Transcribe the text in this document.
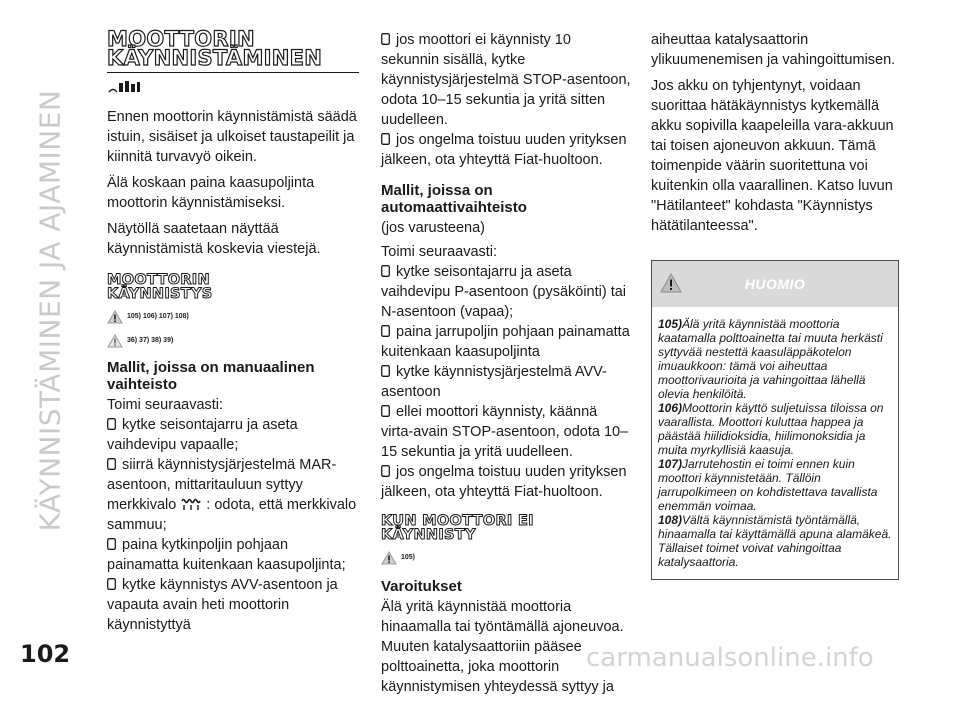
KÄYNNISTÄMINEN JA AJAMINEN
MOOTTORIN
KÄYNNISTÄMINEN

Ennen moottorin käynnistämistä säädä istuin, sisäiset ja ulkoiset taustapeilit ja kiinnitä turvavyö oikein.

Älä koskaan paina kaasupoljinta moottorin käynnistämiseksi.

Näytöllä saatetaan näyttää käynnistämistä koskevia viestejä.

MOOTTORIN
KÄYNNISTYS
105) 106) 107) 108)
36) 37) 38) 39)
Mallit, joissa on manuaalinen vaihteisto

Toimi seuraavasti:

kytke seisontajarru ja aseta vaihdevipu vapaalle;

siirrä käynnistysjärjestelmä MAR-asentoon, mittaritauluun syttyy merkkivalo : odota, että merkkivalo sammuu;

paina kytkinpoljin pohjaan painamatta kuitenkaan kaasupoljinta;

kytke käynnistys AVV-asentoon ja vapauta avain heti moottorin käynnistyttyä

jos moottori ei käynnisty 10 sekunnin sisällä, kytke käynnistysjärjestelmä STOP-asentoon, odota 10–15 sekuntia ja yritä sitten uudelleen.

jos ongelma toistuu uuden yrityksen jälkeen, ota yhteyttä Fiat-huoltoon.

Mallit, joissa on automaattivaihteisto

(jos varusteena)

Toimi seuraavasti:

kytke seisontajarru ja aseta vaihdevipu P-asentoon (pysäköinti) tai N-asentoon (vapaa);

paina jarrupoljin pohjaan painamatta kuitenkaan kaasupoljinta

kytke käynnistysjärjestelmä AVV-asentoon

ellei moottori käynnisty, käännä virta-avain STOP-asentoon, odota 10–15 sekuntia ja yritä uudelleen.

jos ongelma toistuu uuden yrityksen jälkeen, ota yhteyttä Fiat-huoltoon.

KUN MOOTTORI EI
KÄYNNISTY
105)
Varoitukset

Älä yritä käynnistää moottoria hinaamalla tai työntämällä ajoneuvoa. Muuten katalysaattoriin pääsee polttoainetta, joka moottorin käynnistymisen yhteydessä syttyy ja

aiheuttaa katalysaattorin ylikuumenemisen ja vahingoittumisen.

Jos akku on tyhjentynyt, voidaan suorittaa hätäkäynnistys kytkemällä akku sopivilla kaapeleilla vara-akkuun tai toisen ajoneuvon akkuun. Tämä toimenpide väärin suoritettuna voi kuitenkin olla vaarallinen. Katso luvun "Hätilanteet" kohdasta "Käynnistys hätätilanteessa".

HUOMIO

105)Älä yritä käynnistää moottoria kaatamalla polttoainetta tai muuta herkästi syttyvää nestettä kaasuläppäkotelon imuaukkoon: tämä voi aiheuttaa moottorivaurioita ja vahingoittaa lähellä olevia henkilöitä.

106)Moottorin käyttö suljetuissa tiloissa on vaarallista. Moottori kuluttaa happea ja päästää hiilidioksidia, hiilimonoksidia ja muita myrkyllisiä kaasuja.

107)Jarrutehostin ei toimi ennen kuin moottori käynnistetään. Tällöin jarrupolkimeen on kohdistettava tavallista enemmän voimaa.

108)Vältä käynnistämistä työntämällä, hinaamalla tai käyttämällä apuna alamäkeä. Tällaiset toimet voivat vahingoittaa katalysaattoria.

102	carmanualsonline.info
